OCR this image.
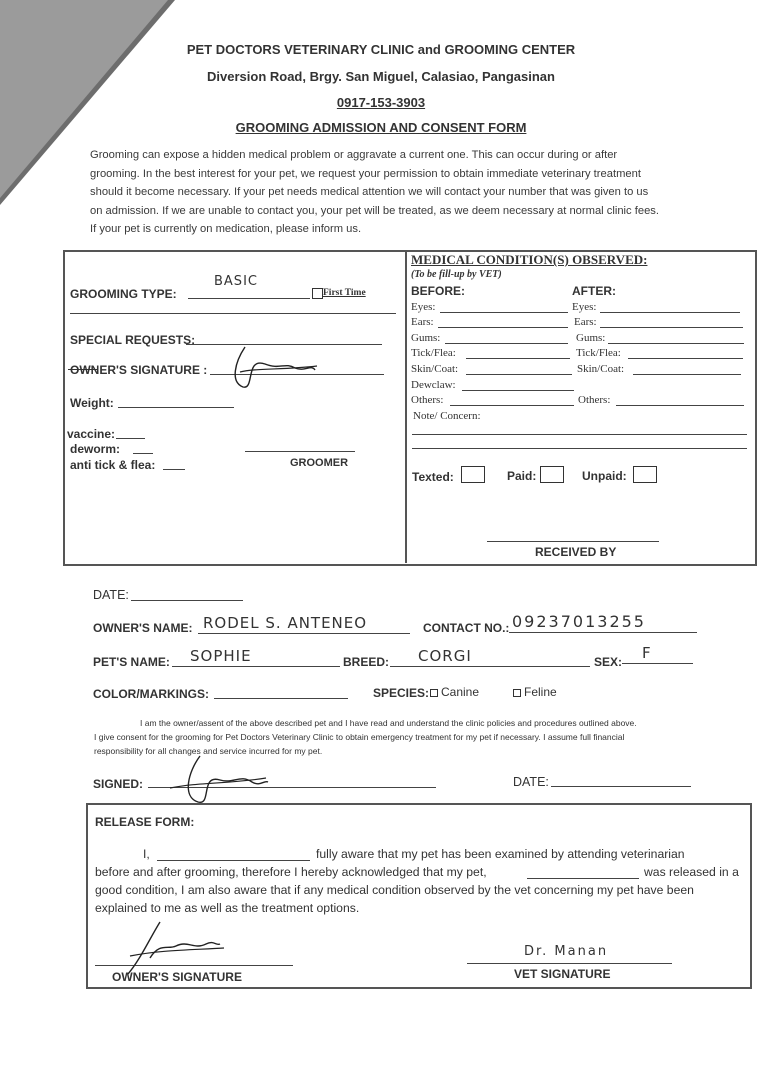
PET DOCTORS VETERINARY CLINIC and GROOMING CENTER
Diversion Road, Brgy. San Miguel, Calasiao, Pangasinan
0917-153-3903
GROOMING ADMISSION AND CONSENT FORM
Grooming can expose a hidden medical problem or aggravate a current one. This can occur during or after
grooming. In the best interest for your pet, we request your permission to obtain immediate veterinary treatment
should it become necessary. If your pet needs medical attention we will contact your number that was given to us
on admission. If we are unable to contact you, your pet will be treated, as we deem necessary at normal clinic fees.
If your pet is currently on medication, please inform us.
GROOMING TYPE:
BASIC
First Time
SPECIAL REQUESTS:
OWNER'S SIGNATURE :
Weight:
vaccine:
deworm:
anti tick & flea:	GROOMER
MEDICAL CONDITION(S) OBSERVED:
(To be fill-up by VET)
BEFORE:	AFTER:
Eyes:	Eyes:
Ears:	Ears:
Gums:	Gums:
Tick/Flea:	Tick/Flea:
Skin/Coat:	Skin/Coat:
Dewclaw:
Others:	Others:
Note/ Concern:
Texted:	Paid:	Unpaid:
RECEIVED BY
DATE:
OWNER'S NAME: RODEL S. ANTENEO	CONTACT NO.: 09237013255
PET'S NAME: SOPHIE	BREED: CORGI	SEX: F
COLOR/MARKINGS:	SPECIES: Canine	Feline
I am the owner/assent of the above described pet and I have read and understand the clinic policies and procedures outlined above.
I give consent for the grooming for Pet Doctors Veterinary Clinic to obtain emergency treatment for my pet if necessary. I assume full financial
responsibility for all changes and service incurred for my pet.
SIGNED:	DATE:
RELEASE FORM:
I,	fully aware that my pet has been examined by attending veterinarian
before and after grooming, therefore I hereby acknowledged that my pet,	was released in a
good condition, I am also aware that if any medical condition observed by the vet concerning my pet have been
explained to me as well as the treatment options.
OWNER'S SIGNATURE
Dr. Manan
VET SIGNATURE
